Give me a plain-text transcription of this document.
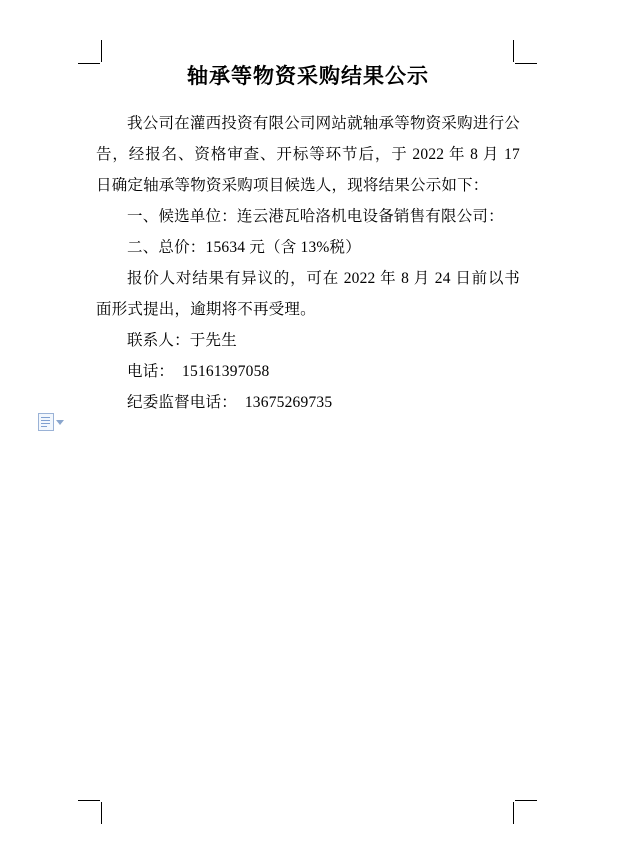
轴承等物资采购结果公示

我公司在灌西投资有限公司网站就轴承等物资采购进行公告，经报名、资格审查、开标等环节后，于 2022 年 8 月 17 日确定轴承等物资采购项目候选人，现将结果公示如下：

一、候选单位：连云港瓦哈洛机电设备销售有限公司：

二、总价：15634 元（含 13%税）

报价人对结果有异议的，可在 2022 年 8 月 24 日前以书面形式提出，逾期将不再受理。

联系人：于先生

电话：　15161397058

纪委监督电话：　13675269735
